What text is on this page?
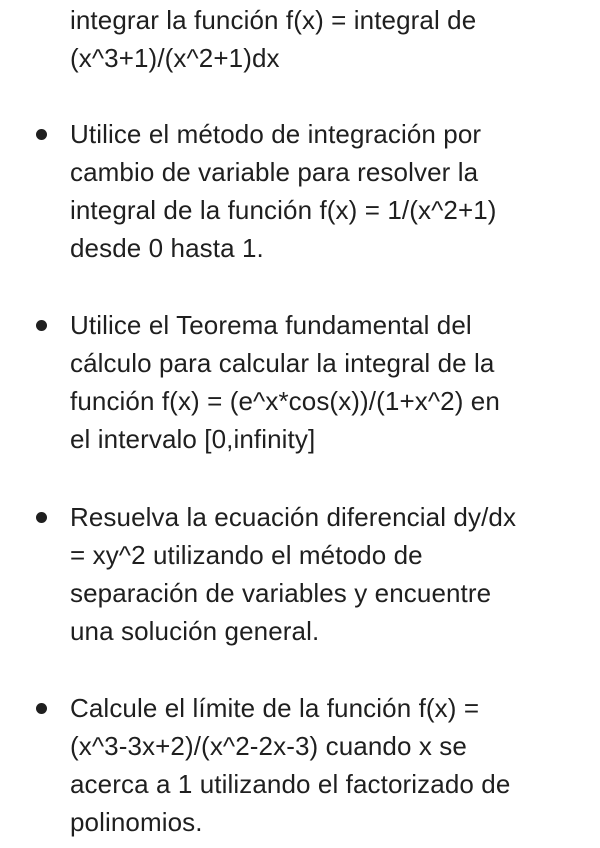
integrar la función f(x) = integral de
(x^3+1)/(x^2+1)dx
Utilice el método de integración por
cambio de variable para resolver la
integral de la función f(x) = 1/(x^2+1)
desde 0 hasta 1.
Utilice el Teorema fundamental del
cálculo para calcular la integral de la
función f(x) = (e^x*cos(x))/(1+x^2) en
el intervalo [0,infinity]
Resuelva la ecuación diferencial dy/dx
= xy^2 utilizando el método de
separación de variables y encuentre
una solución general.
Calcule el límite de la función f(x) =
(x^3-3x+2)/(x^2-2x-3) cuando x se
acerca a 1 utilizando el factorizado de
polinomios.
